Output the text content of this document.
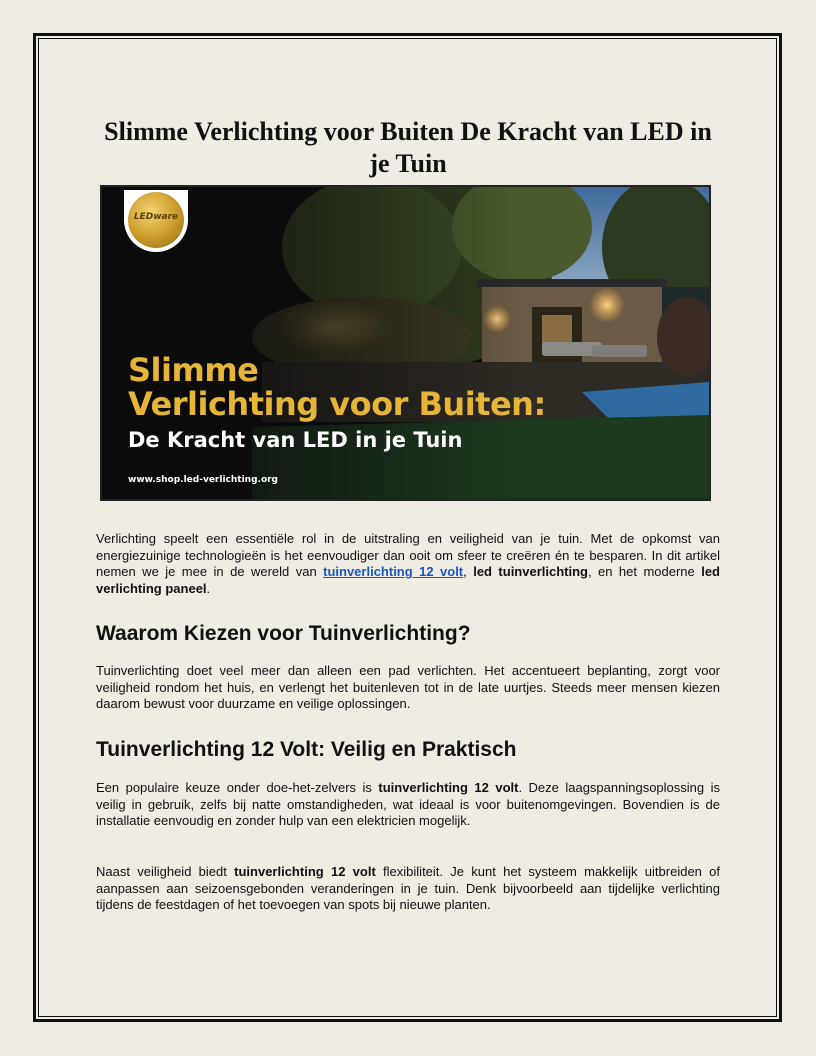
Slimme Verlichting voor Buiten De Kracht van LED in je Tuin
LEDware
Slimme
Verlichting voor Buiten:
De Kracht van LED in je Tuin
www.shop.led-verlichting.org

Verlichting speelt een essentiële rol in de uitstraling en veiligheid van je tuin. Met de opkomst van energiezuinige technologieën is het eenvoudiger dan ooit om sfeer te creëren én te besparen. In dit artikel nemen we je mee in de wereld van tuinverlichting 12 volt, led tuinverlichting, en het moderne led verlichting paneel.

Waarom Kiezen voor Tuinverlichting?

Tuinverlichting doet veel meer dan alleen een pad verlichten. Het accentueert beplanting, zorgt voor veiligheid rondom het huis, en verlengt het buitenleven tot in de late uurtjes. Steeds meer mensen kiezen daarom bewust voor duurzame en veilige oplossingen.

Tuinverlichting 12 Volt: Veilig en Praktisch

Een populaire keuze onder doe-het-zelvers is tuinverlichting 12 volt. Deze laagspanningsoplossing is veilig in gebruik, zelfs bij natte omstandigheden, wat ideaal is voor buitenomgevingen. Bovendien is de installatie eenvoudig en zonder hulp van een elektricien mogelijk.

Naast veiligheid biedt tuinverlichting 12 volt flexibiliteit. Je kunt het systeem makkelijk uitbreiden of aanpassen aan seizoensgebonden veranderingen in je tuin. Denk bijvoorbeeld aan tijdelijke verlichting tijdens de feestdagen of het toevoegen van spots bij nieuwe planten.
